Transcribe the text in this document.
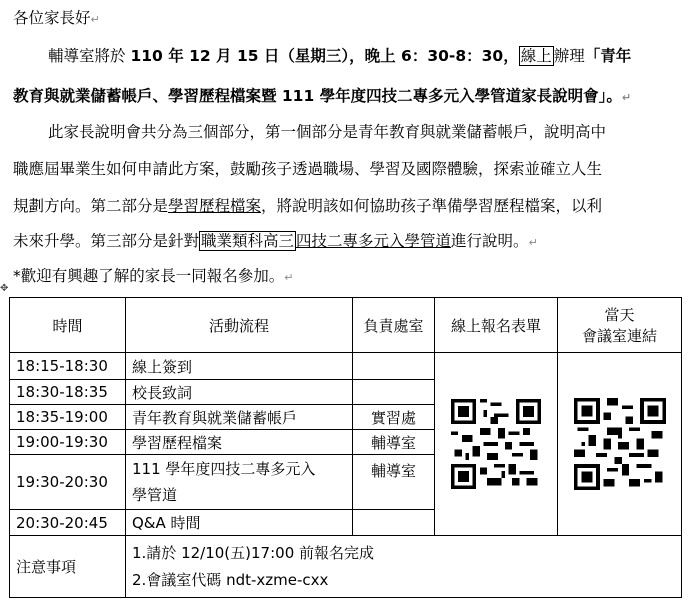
各位家長好↵
輔導室將於 110 年 12 月 15 日（星期三），晚上 6：30-8：30， 線上 辦理「青年
教育與就業儲蓄帳戶、學習歷程檔案暨 111 學年度四技二專多元入學管道家長說明會」。↵
此家長說明會共分為三個部分，第一個部分是青年教育與就業儲蓄帳戶，說明高中
職應屆畢業生如何申請此方案，鼓勵孩子透過職場、學習及國際體驗，探索並確立人生
規劃方向。第二部分是學習歷程檔案，將說明該如何協助孩子準備學習歷程檔案，以利
未來升學。第三部分是針對 職業類科高三 四技二專多元入學管道進行說明。↵
*歡迎有興趣了解的家長一同報名參加。↵
✥
時間	活動流程	負責處室	線上報名表單	當天
會議室連結
18:15-18:30	線上簽到		

18:30-18:35	校長致詞			
18:35-19:00	青年教育與就業儲蓄帳戶	實習處		
19:00-19:30	學習歷程檔案	輔導室		
19:30-20:30	111 學年度四技二專多元入
學管道	輔導室		
20:30-20:45	Q&A 時間			
注意事項	1.請於 12/10(五)17:00 前報名完成
2.會議室代碼 ndt-xzme-cxx			
